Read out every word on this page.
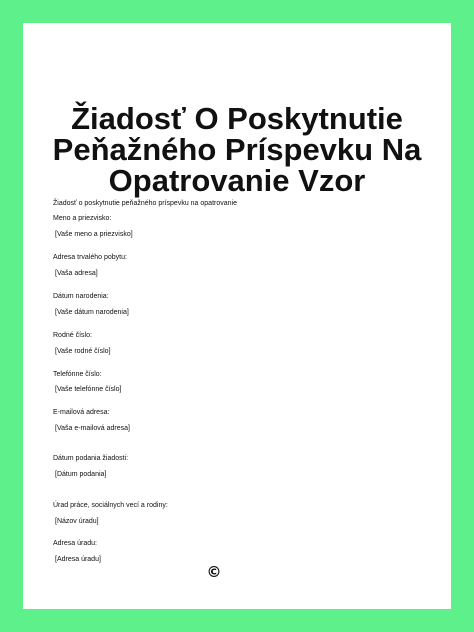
Žiadosť O Poskytnutie
Peňažného Príspevku Na
Opatrovanie Vzor
Žiadosť o poskytnutie peňažného príspevku na opatrovanie
Meno a priezvisko:
[Vaše meno a priezvisko]
Adresa trvalého pobytu:
[Vaša adresa]
Dátum narodenia:
[Vaše dátum narodenia]
Rodné číslo:
[Vaše rodné číslo]
Telefónne číslo:
[Vaše telefónne číslo]
E-mailová adresa:
[Vaša e-mailová adresa]
Dátum podania žiadosti:
[Dátum podania]
Úrad práce, sociálnych vecí a rodiny:
[Názov úradu]
Adresa úradu:
[Adresa úradu]
©
